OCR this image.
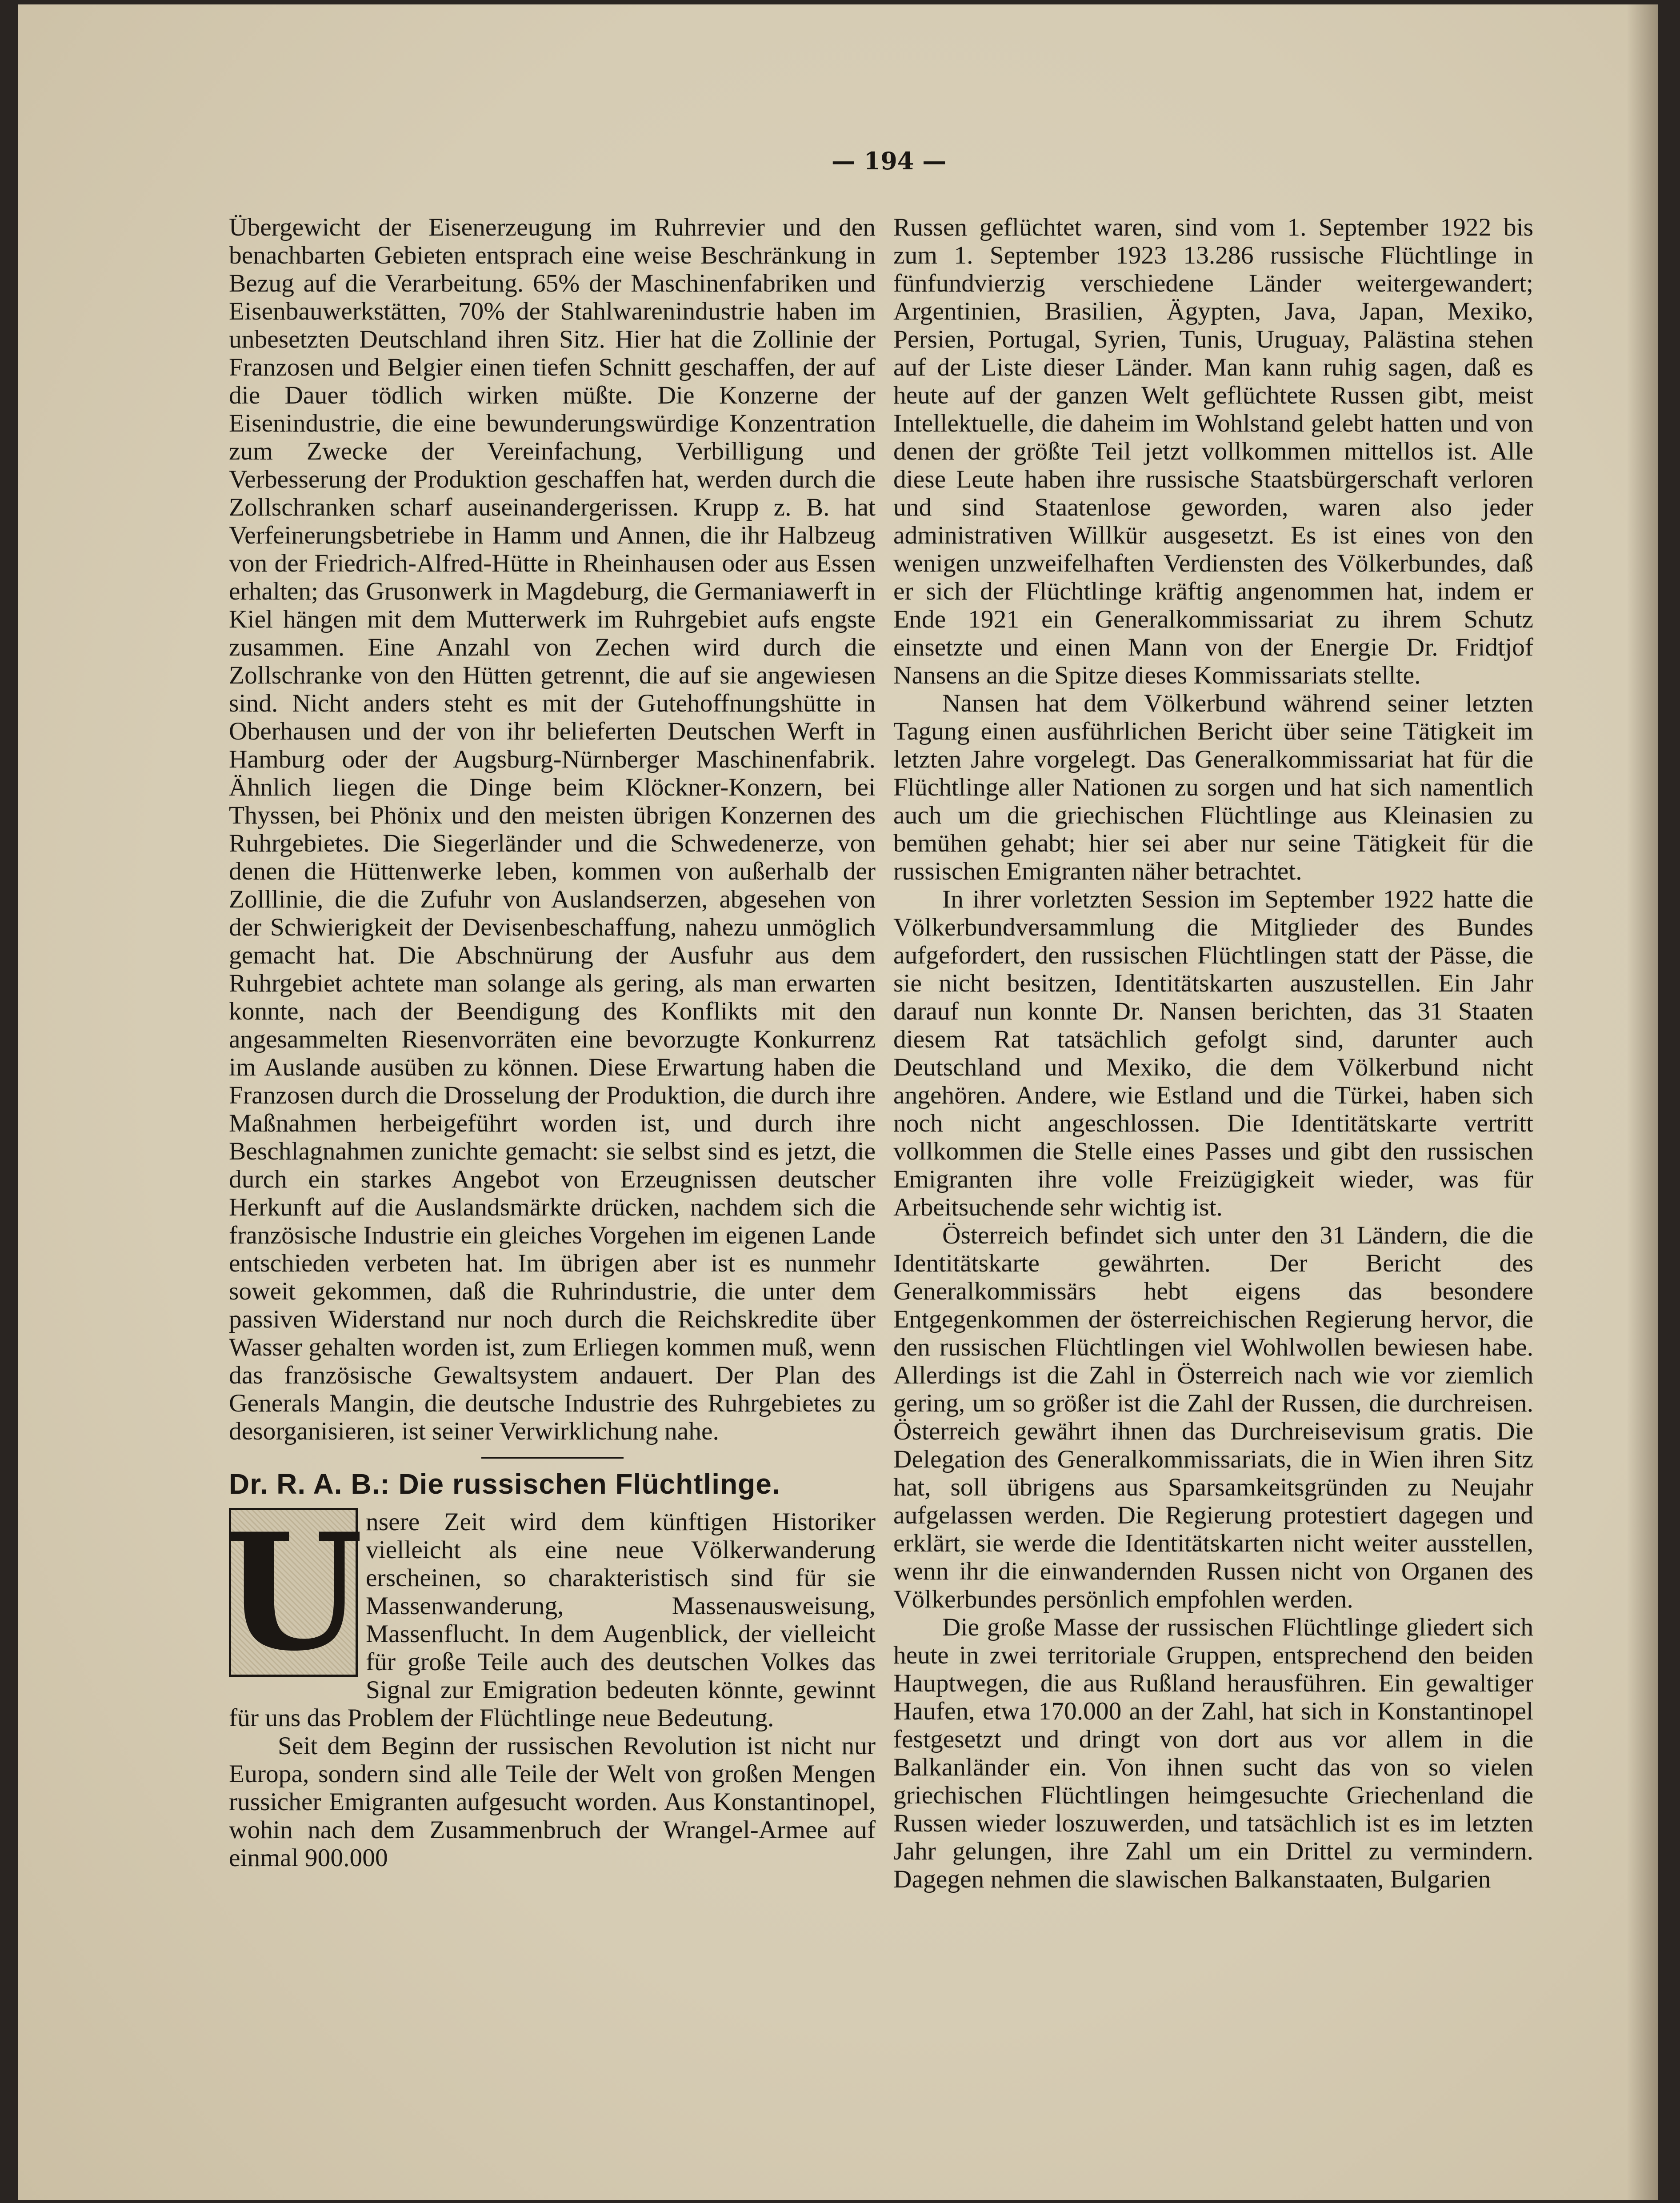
— 194 —

Übergewicht der Eisenerzeugung im Ruhrrevier und den benachbarten Gebieten entsprach eine weise Beschränkung in Bezug auf die Verarbeitung. 65% der Maschinenfabriken und Eisenbauwerkstätten, 70% der Stahlwarenindustrie haben im unbesetzten Deutschland ihren Sitz. Hier hat die Zollinie der Franzosen und Belgier einen tiefen Schnitt geschaffen, der auf die Dauer tödlich wirken müßte. Die Konzerne der Eisenindustrie, die eine bewunderungswürdige Konzentration zum Zwecke der Vereinfachung, Verbilligung und Verbesserung der Produktion geschaffen hat, werden durch die Zollschranken scharf auseinandergerissen. Krupp z. B. hat Verfeinerungsbetriebe in Hamm und Annen, die ihr Halbzeug von der Friedrich-Alfred-Hütte in Rheinhausen oder aus Essen erhalten; das Grusonwerk in Magdeburg, die Germaniawerft in Kiel hängen mit dem Mutterwerk im Ruhrgebiet aufs engste zusammen. Eine Anzahl von Zechen wird durch die Zollschranke von den Hütten getrennt, die auf sie angewiesen sind. Nicht anders steht es mit der Gutehoffnungshütte in Oberhausen und der von ihr belieferten Deutschen Werft in Hamburg oder der Augsburg-Nürnberger Maschinenfabrik. Ähnlich liegen die Dinge beim Klöckner-Konzern, bei Thyssen, bei Phönix und den meisten übrigen Konzernen des Ruhrgebietes. Die Siegerländer und die Schwedenerze, von denen die Hüttenwerke leben, kommen von außerhalb der Zolllinie, die die Zufuhr von Auslandserzen, abgesehen von der Schwierigkeit der Devisenbeschaffung, nahezu unmöglich gemacht hat. Die Abschnürung der Ausfuhr aus dem Ruhrgebiet achtete man solange als gering, als man erwarten konnte, nach der Beendigung des Konflikts mit den angesammelten Riesenvorräten eine bevorzugte Konkurrenz im Auslande ausüben zu können. Diese Erwartung haben die Franzosen durch die Drosselung der Produktion, die durch ihre Maßnahmen herbeigeführt worden ist, und durch ihre Beschlagnahmen zunichte gemacht: sie selbst sind es jetzt, die durch ein starkes Angebot von Erzeugnissen deutscher Herkunft auf die Auslandsmärkte drücken, nachdem sich die französische Industrie ein gleiches Vorgehen im eigenen Lande entschieden verbeten hat. Im übrigen aber ist es nunmehr soweit gekommen, daß die Ruhrindustrie, die unter dem passiven Widerstand nur noch durch die Reichskredite über Wasser gehalten worden ist, zum Erliegen kommen muß, wenn das französische Gewaltsystem andauert. Der Plan des Generals Mangin, die deutsche Industrie des Ruhrgebietes zu desorganisieren, ist seiner Verwirklichung nahe.

Dr. R. A. B.: Die russischen Flüchtlinge.
U nsere Zeit wird dem künftigen Historiker vielleicht als eine neue Völkerwanderung erscheinen, so charakteristisch sind für sie Massenwanderung, Massenausweisung, Massenflucht. In dem Augenblick, der vielleicht für große Teile auch des deutschen Volkes das Signal zur Emigration bedeuten könnte, gewinnt für uns das Problem der Flüchtlinge neue Bedeutung.

Seit dem Beginn der russischen Revolution ist nicht nur Europa, sondern sind alle Teile der Welt von großen Mengen russicher Emigranten aufgesucht worden. Aus Konstantinopel, wohin nach dem Zusammenbruch der Wrangel-Armee auf einmal 900.000

Russen geflüchtet waren, sind vom 1. September 1922 bis zum 1. September 1923 13.286 russische Flüchtlinge in fünfundvierzig verschiedene Länder weitergewandert; Argentinien, Brasilien, Ägypten, Java, Japan, Mexiko, Persien, Portugal, Syrien, Tunis, Uruguay, Palästina stehen auf der Liste dieser Länder. Man kann ruhig sagen, daß es heute auf der ganzen Welt geflüchtete Russen gibt, meist Intellektuelle, die daheim im Wohlstand gelebt hatten und von denen der größte Teil jetzt vollkommen mittellos ist. Alle diese Leute haben ihre russische Staatsbürgerschaft verloren und sind Staatenlose geworden, waren also jeder administrativen Willkür ausgesetzt. Es ist eines von den wenigen unzweifelhaften Verdiensten des Völkerbundes, daß er sich der Flüchtlinge kräftig angenommen hat, indem er Ende 1921 ein Generalkommissariat zu ihrem Schutz einsetzte und einen Mann von der Energie Dr. Fridtjof Nansens an die Spitze dieses Kommissariats stellte.

Nansen hat dem Völkerbund während seiner letzten Tagung einen ausführlichen Bericht über seine Tätigkeit im letzten Jahre vorgelegt. Das Generalkommissariat hat für die Flüchtlinge aller Nationen zu sorgen und hat sich namentlich auch um die griechischen Flüchtlinge aus Kleinasien zu bemühen gehabt; hier sei aber nur seine Tätigkeit für die russischen Emigranten näher betrachtet.

In ihrer vorletzten Session im September 1922 hatte die Völkerbundversammlung die Mitglieder des Bundes aufgefordert, den russischen Flüchtlingen statt der Pässe, die sie nicht besitzen, Identitätskarten auszustellen. Ein Jahr darauf nun konnte Dr. Nansen berichten, das 31 Staaten diesem Rat tatsächlich gefolgt sind, darunter auch Deutschland und Mexiko, die dem Völkerbund nicht angehören. Andere, wie Estland und die Türkei, haben sich noch nicht angeschlossen. Die Identitätskarte vertritt vollkommen die Stelle eines Passes und gibt den russischen Emigranten ihre volle Freizügigkeit wieder, was für Arbeitsuchende sehr wichtig ist.

Österreich befindet sich unter den 31 Ländern, die die Identitätskarte gewährten. Der Bericht des Generalkommissärs hebt eigens das besondere Entgegenkommen der österreichischen Regierung hervor, die den russischen Flüchtlingen viel Wohlwollen bewiesen habe. Allerdings ist die Zahl in Österreich nach wie vor ziemlich gering, um so größer ist die Zahl der Russen, die durchreisen. Österreich gewährt ihnen das Durchreisevisum gratis. Die Delegation des Generalkommissariats, die in Wien ihren Sitz hat, soll übrigens aus Sparsamkeitsgründen zu Neujahr aufgelassen werden. Die Regierung protestiert dagegen und erklärt, sie werde die Identitätskarten nicht weiter ausstellen, wenn ihr die einwandernden Russen nicht von Organen des Völkerbundes persönlich empfohlen werden.

Die große Masse der russischen Flüchtlinge gliedert sich heute in zwei territoriale Gruppen, entsprechend den beiden Hauptwegen, die aus Rußland herausführen. Ein gewaltiger Haufen, etwa 170.000 an der Zahl, hat sich in Konstantinopel festgesetzt und dringt von dort aus vor allem in die Balkanländer ein. Von ihnen sucht das von so vielen griechischen Flüchtlingen heimgesuchte Griechenland die Russen wieder loszuwerden, und tatsächlich ist es im letzten Jahr gelungen, ihre Zahl um ein Drittel zu vermindern. Dagegen nehmen die slawischen Balkanstaaten, Bulgarien
